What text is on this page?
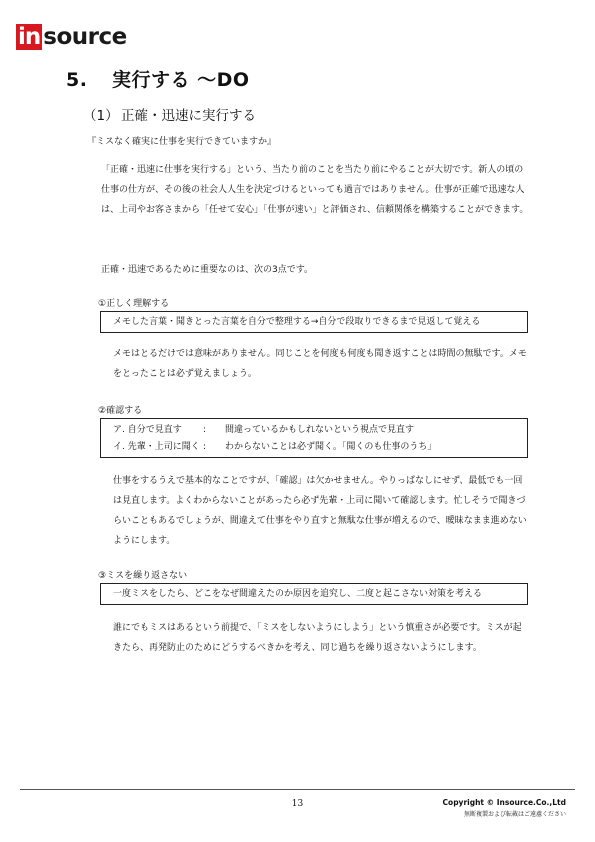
in source
5. 実行する ～DO
（1） 正確・迅速に実行する
『ミスなく確実に仕事を実行できていますか』

「正確・迅速に仕事を実行する」という、当たり前のことを当たり前にやることが大切です。新人の頃の仕事の仕方が、その後の社会人人生を決定づけるといっても過言ではありません。仕事が正確で迅速な人は、上司やお客さまから「任せて安心」「仕事が速い」と評価され、信頼関係を構築することができます。

正確・迅速であるために重要なのは、次の3点です。
①正しく理解する
メモした言葉・聞きとった言葉を自分で整理する→自分で段取りできるまで見返して覚える

メモはとるだけでは意味がありません。同じことを何度も何度も聞き返すことは時間の無駄です。メモをとったことは必ず覚えましょう。

②確認する
ア. 自分で見直す	:	間違っているかもしれないという視点で見直す
イ. 先輩・上司に聞く :	わからないことは必ず聞く。「聞くのも仕事のうち」

仕事をするうえで基本的なことですが、「確認」は欠かせません。やりっぱなしにせず、最低でも一回は見直します。よくわからないことがあったら必ず先輩・上司に聞いて確認します。忙しそうで聞きづらいこともあるでしょうが、間違えて仕事をやり直すと無駄な仕事が増えるので、曖昧なまま進めないようにします。

③ミスを繰り返さない
一度ミスをしたら、どこをなぜ間違えたのか原因を追究し、二度と起こさない対策を考える

誰にでもミスはあるという前提で、「ミスをしないようにしよう」という慎重さが必要です。ミスが起きたら、再発防止のためにどうするべきかを考え、同じ過ちを繰り返さないようにします。

13	Copyright © Insource.Co.,Ltd
無断複製および転載はご遠慮ください
